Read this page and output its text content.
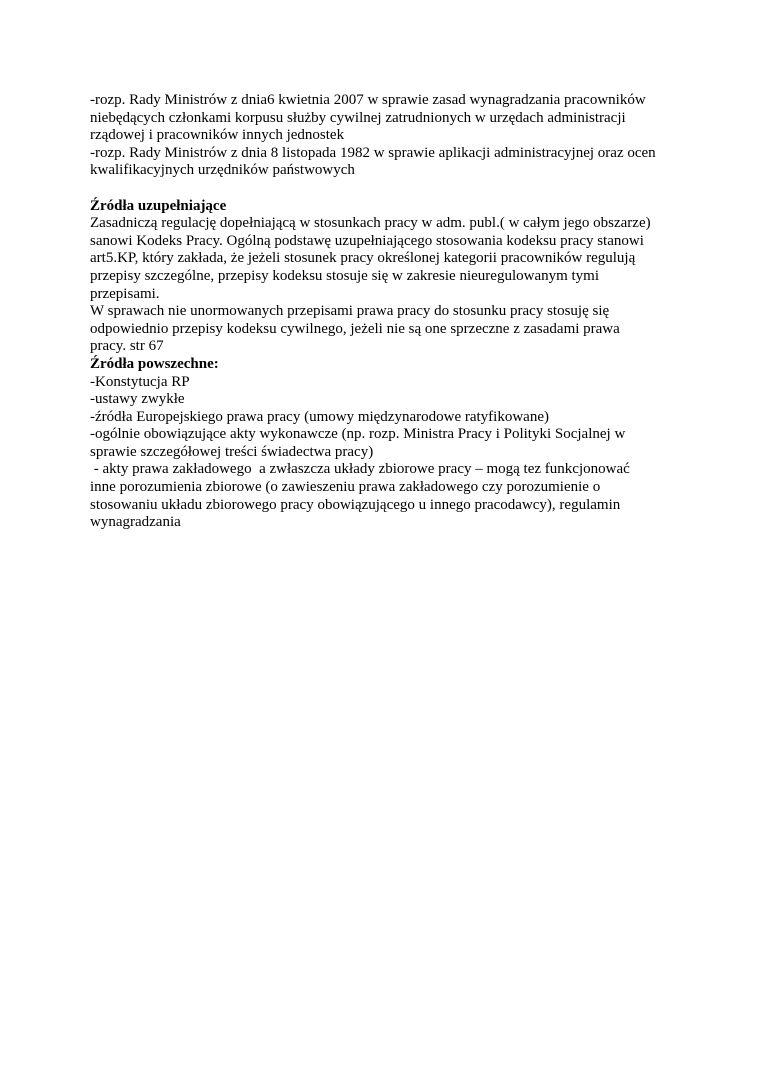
-rozp. Rady Ministrów z dnia6 kwietnia 2007 w sprawie zasad wynagradzania pracowników
niebędących członkami korpusu służby cywilnej zatrudnionych w urzędach administracji
rządowej i pracowników innych jednostek
-rozp. Rady Ministrów z dnia 8 listopada 1982 w sprawie aplikacji administracyjnej oraz ocen
kwalifikacyjnych urzędników państwowych
Źródła uzupełniające
Zasadniczą regulację dopełniającą w stosunkach pracy w adm. publ.( w całym jego obszarze)
sanowi Kodeks Pracy. Ogólną podstawę uzupełniającego stosowania kodeksu pracy stanowi
art5.KP, który zakłada, że jeżeli stosunek pracy określonej kategorii pracowników regulują
przepisy szczególne, przepisy kodeksu stosuje się w zakresie nieuregulowanym tymi
przepisami.
W sprawach nie unormowanych przepisami prawa pracy do stosunku pracy stosuję się
odpowiednio przepisy kodeksu cywilnego, jeżeli nie są one sprzeczne z zasadami prawa
pracy. str 67
Źródła powszechne:
-Konstytucja RP
-ustawy zwykłe
-źródła Europejskiego prawa pracy (umowy międzynarodowe ratyfikowane)
-ogólnie obowiązujące akty wykonawcze (np. rozp. Ministra Pracy i Polityki Socjalnej w
sprawie szczegółowej treści świadectwa pracy)
- akty prawa zakładowego  a zwłaszcza układy zbiorowe pracy – mogą tez funkcjonować
inne porozumienia zbiorowe (o zawieszeniu prawa zakładowego czy porozumienie o
stosowaniu układu zbiorowego pracy obowiązującego u innego pracodawcy), regulamin
wynagradzania
